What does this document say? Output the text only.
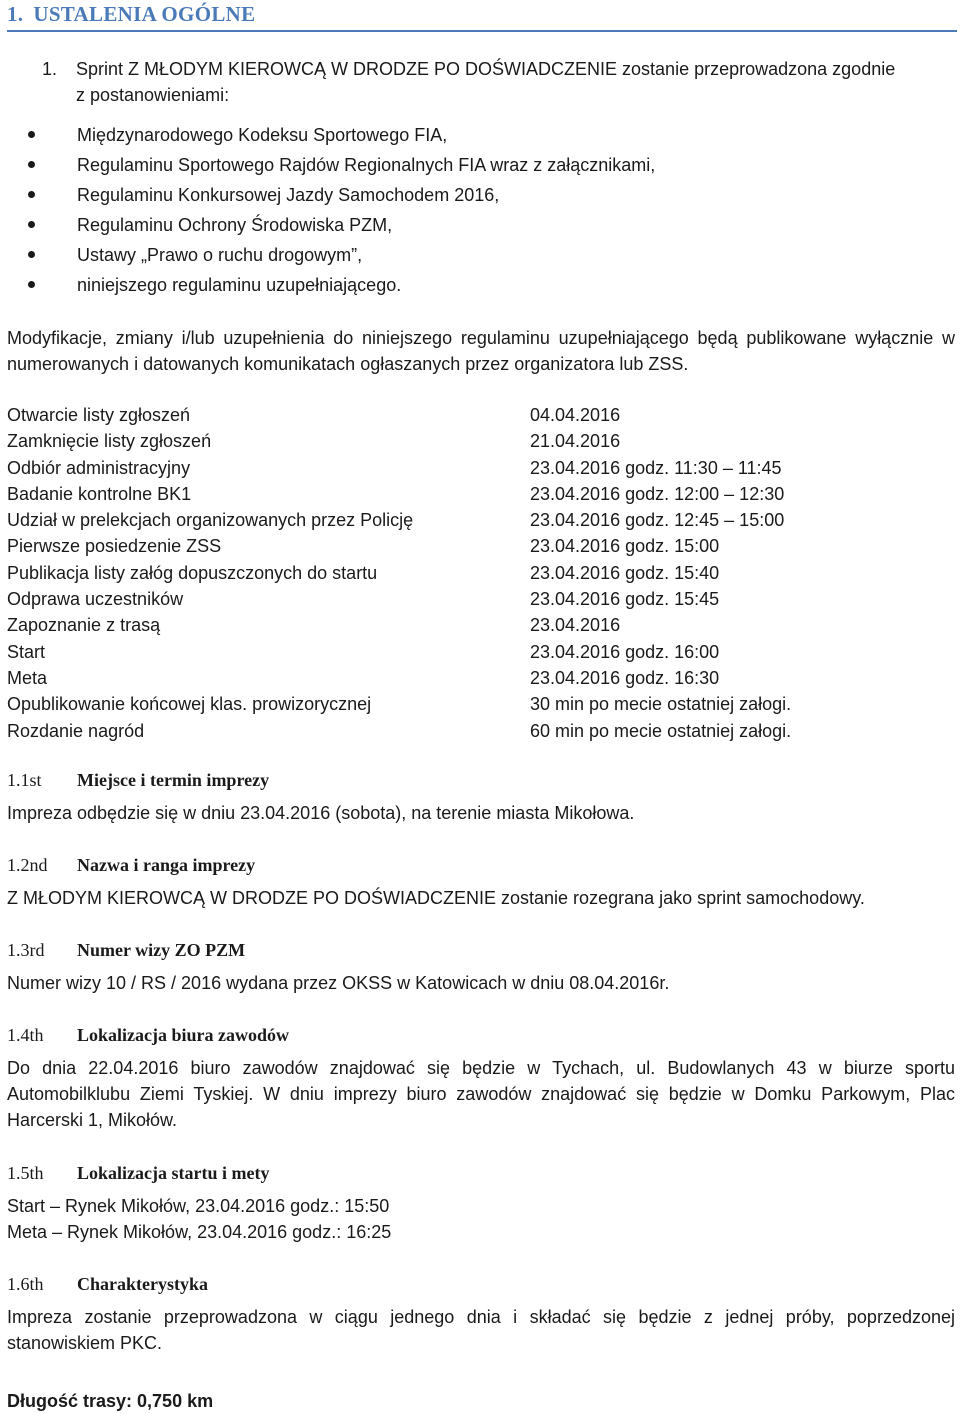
1. USTALENIA OGÓLNE
1. Sprint Z MŁODYM KIEROWCĄ W DRODZE PO DOŚWIADCZENIE zostanie przeprowadzona zgodnie
z postanowieniami:
Międzynarodowego Kodeksu Sportowego FIA,
Regulaminu Sportowego Rajdów Regionalnych FIA wraz z załącznikami,
Regulaminu Konkursowej Jazdy Samochodem 2016,
Regulaminu Ochrony Środowiska PZM,
Ustawy „Prawo o ruchu drogowym”,
niniejszego regulaminu uzupełniającego.
Modyfikacje, zmiany i/lub uzupełnienia do niniejszego regulaminu uzupełniającego będą publikowane wyłącznie w numerowanych i datowanych komunikatach ogłaszanych przez organizatora lub ZSS.
Otwarcie listy zgłoszeń	04.04.2016
Zamknięcie listy zgłoszeń	21.04.2016
Odbiór administracyjny	23.04.2016 godz. 11:30 – 11:45
Badanie kontrolne BK1	23.04.2016 godz. 12:00 – 12:30
Udział w prelekcjach organizowanych przez Policję	23.04.2016 godz. 12:45 – 15:00
Pierwsze posiedzenie ZSS	23.04.2016 godz. 15:00
Publikacja listy załóg dopuszczonych do startu	23.04.2016 godz. 15:40
Odprawa uczestników	23.04.2016 godz. 15:45
Zapoznanie z trasą	23.04.2016
Start	23.04.2016 godz. 16:00
Meta	23.04.2016 godz. 16:30
Opublikowanie końcowej klas. prowizorycznej	30 min po mecie ostatniej załogi.
Rozdanie nagród	60 min po mecie ostatniej załogi.
1.1st Miejsce i termin imprezy
Impreza odbędzie się w dniu 23.04.2016 (sobota), na terenie miasta Mikołowa.
1.2nd Nazwa i ranga imprezy
Z MŁODYM KIEROWCĄ W DRODZE PO DOŚWIADCZENIE zostanie rozegrana jako sprint samochodowy.
1.3rd Numer wizy ZO PZM
Numer wizy 10 / RS / 2016 wydana przez OKSS w Katowicach w dniu 08.04.2016r.
1.4th Lokalizacja biura zawodów
Do dnia 22.04.2016 biuro zawodów znajdować się będzie w Tychach, ul. Budowlanych 43 w biurze sportu Automobilklubu Ziemi Tyskiej. W dniu imprezy biuro zawodów znajdować się będzie w Domku Parkowym, Plac Harcerski 1, Mikołów.
1.5th Lokalizacja startu i mety
Start – Rynek Mikołów, 23.04.2016 godz.: 15:50
Meta – Rynek Mikołów, 23.04.2016 godz.: 16:25
1.6th Charakterystyka
Impreza zostanie przeprowadzona w ciągu jednego dnia i składać się będzie z jednej próby, poprzedzonej stanowiskiem PKC.
Długość trasy: 0,750 km
